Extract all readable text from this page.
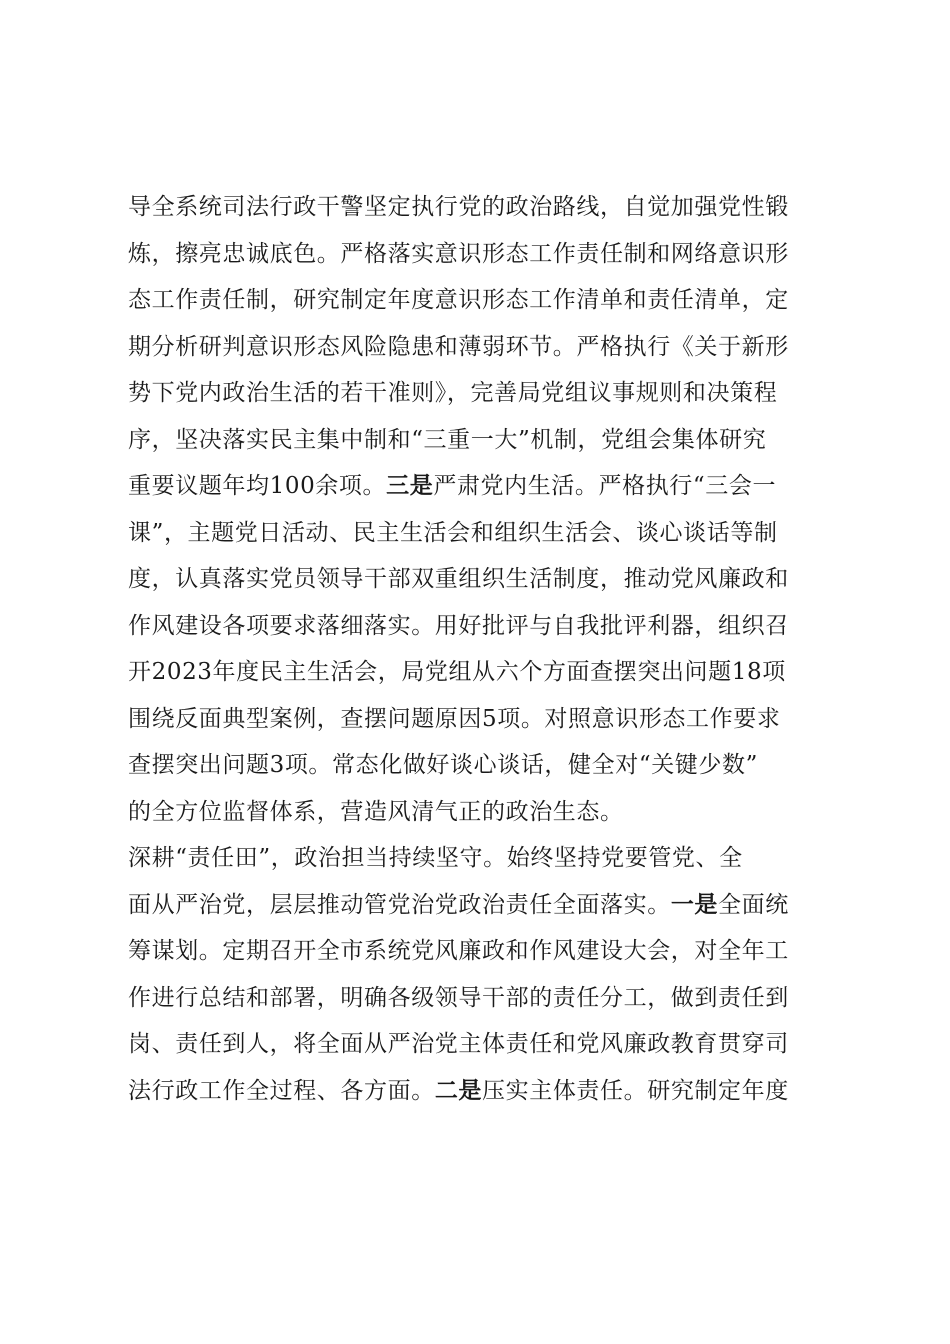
导全系统司法行政干警坚定执行党的政治路线，自觉加强党性锻
炼，擦亮忠诚底色。严格落实意识形态工作责任制和网络意识形
态工作责任制，研究制定年度意识形态工作清单和责任清单，定
期分析研判意识形态风险隐患和薄弱环节。严格执行《关于新形
势下党内政治生活的若干准则》，完善局党组议事规则和决策程
序，坚决落实民主集中制和“三重一大”机制，党组会集体研究
重要议题年均100余项。三是严肃党内生活。严格执行“三会一
课”，主题党日活动、民主生活会和组织生活会、谈心谈话等制
度，认真落实党员领导干部双重组织生活制度，推动党风廉政和
作风建设各项要求落细落实。用好批评与自我批评利器，组织召
开2023年度民主生活会，局党组从六个方面查摆突出问题18项
围绕反面典型案例，查摆问题原因5项。对照意识形态工作要求
查摆突出问题3项。常态化做好谈心谈话，健全对“关键少数”
的全方位监督体系，营造风清气正的政治生态。
深耕“责任田”，政治担当持续坚守。始终坚持党要管党、全
面从严治党，层层推动管党治党政治责任全面落实。一是全面统
筹谋划。定期召开全市系统党风廉政和作风建设大会，对全年工
作进行总结和部署，明确各级领导干部的责任分工，做到责任到
岗、责任到人，将全面从严治党主体责任和党风廉政教育贯穿司
法行政工作全过程、各方面。二是压实主体责任。研究制定年度
